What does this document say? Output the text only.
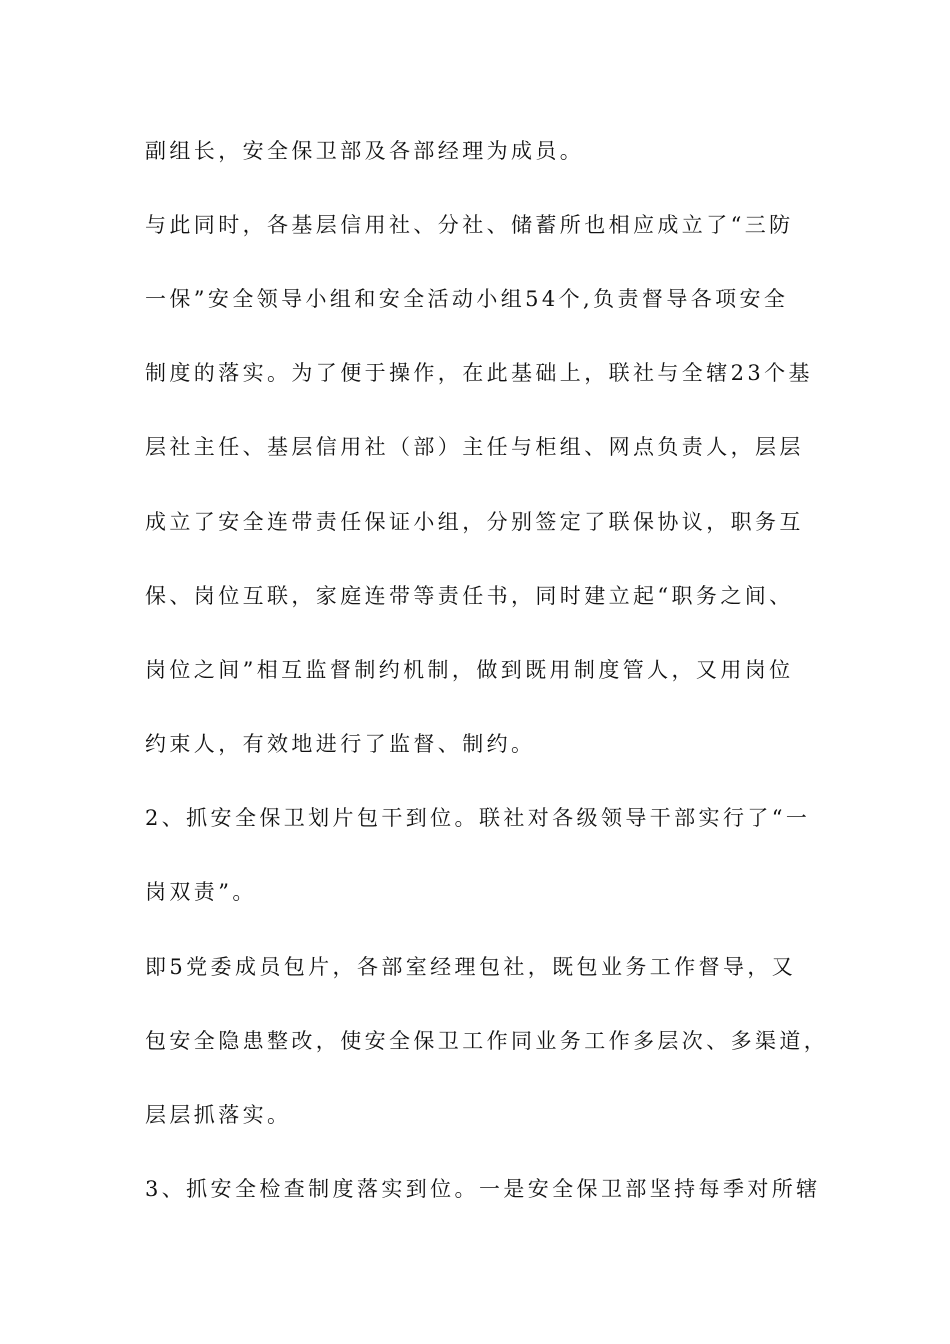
副组长，安全保卫部及各部经理为成员。
与此同时，各基层信用社、分社、储蓄所也相应成立了“三防
一保”安全领导小组和安全活动小组54个,负责督导各项安全
制度的落实。为了便于操作，在此基础上，联社与全辖23个基
层社主任、基层信用社（部）主任与柜组、网点负责人，层层
成立了安全连带责任保证小组，分别签定了联保协议，职务互
保、岗位互联，家庭连带等责任书，同时建立起“职务之间、
岗位之间”相互监督制约机制，做到既用制度管人，又用岗位
约束人，有效地进行了监督、制约。
2、抓安全保卫划片包干到位。联社对各级领导干部实行了“一
岗双责”。
即5党委成员包片，各部室经理包社，既包业务工作督导，又
包安全隐患整改，使安全保卫工作同业务工作多层次、多渠道，
层层抓落实。
3、抓安全检查制度落实到位。一是安全保卫部坚持每季对所辖
